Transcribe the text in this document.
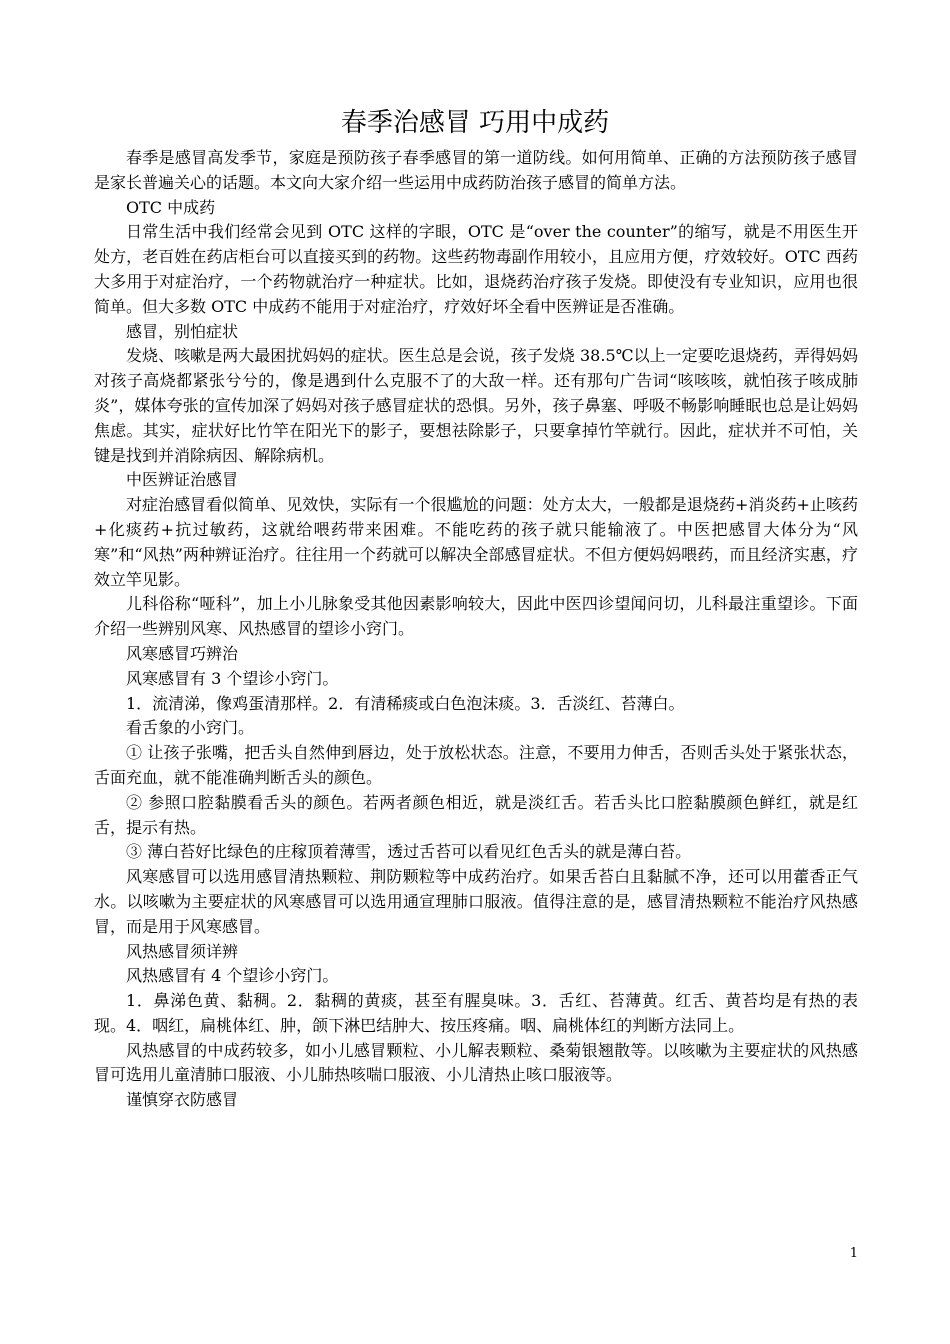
春季治感冒 巧用中成药

春季是感冒高发季节，家庭是预防孩子春季感冒的第一道防线。如何用简单、正确的方法预防孩子感冒是家长普遍关心的话题。本文向大家介绍一些运用中成药防治孩子感冒的简单方法。

OTC 中成药

日常生活中我们经常会见到 OTC 这样的字眼，OTC 是“over the counter”的缩写，就是不用医生开处方，老百姓在药店柜台可以直接买到的药物。这些药物毒副作用较小，且应用方便，疗效较好。OTC 西药大多用于对症治疗，一个药物就治疗一种症状。比如，退烧药治疗孩子发烧。即使没有专业知识，应用也很简单。但大多数 OTC 中成药不能用于对症治疗，疗效好坏全看中医辨证是否准确。

感冒，别怕症状

发烧、咳嗽是两大最困扰妈妈的症状。医生总是会说，孩子发烧 38.5℃以上一定要吃退烧药，弄得妈妈对孩子高烧都紧张兮兮的，像是遇到什么克服不了的大敌一样。还有那句广告词“咳咳咳，就怕孩子咳成肺炎”，媒体夸张的宣传加深了妈妈对孩子感冒症状的恐惧。另外，孩子鼻塞、呼吸不畅影响睡眠也总是让妈妈焦虑。其实，症状好比竹竿在阳光下的影子，要想祛除影子，只要拿掉竹竿就行。因此，症状并不可怕，关键是找到并消除病因、解除病机。

中医辨证治感冒

对症治感冒看似简单、见效快，实际有一个很尴尬的问题：处方太大，一般都是退烧药+消炎药+止咳药+化痰药+抗过敏药，这就给喂药带来困难。不能吃药的孩子就只能输液了。中医把感冒大体分为“风寒”和“风热”两种辨证治疗。往往用一个药就可以解决全部感冒症状。不但方便妈妈喂药，而且经济实惠，疗效立竿见影。

儿科俗称“哑科”，加上小儿脉象受其他因素影响较大，因此中医四诊望闻问切，儿科最注重望诊。下面介绍一些辨别风寒、风热感冒的望诊小窍门。

风寒感冒巧辨治

风寒感冒有 3 个望诊小窍门。

1．流清涕，像鸡蛋清那样。2．有清稀痰或白色泡沫痰。3．舌淡红、苔薄白。

看舌象的小窍门。

① 让孩子张嘴，把舌头自然伸到唇边，处于放松状态。注意，不要用力伸舌，否则舌头处于紧张状态，舌面充血，就不能准确判断舌头的颜色。

② 参照口腔黏膜看舌头的颜色。若两者颜色相近，就是淡红舌。若舌头比口腔黏膜颜色鲜红，就是红舌，提示有热。

③ 薄白苔好比绿色的庄稼顶着薄雪，透过舌苔可以看见红色舌头的就是薄白苔。

风寒感冒可以选用感冒清热颗粒、荆防颗粒等中成药治疗。如果舌苔白且黏腻不净，还可以用藿香正气水。以咳嗽为主要症状的风寒感冒可以选用通宣理肺口服液。值得注意的是，感冒清热颗粒不能治疗风热感冒，而是用于风寒感冒。

风热感冒须详辨

风热感冒有 4 个望诊小窍门。

1．鼻涕色黄、黏稠。2．黏稠的黄痰，甚至有腥臭味。3．舌红、苔薄黄。红舌、黄苔均是有热的表现。4．咽红，扁桃体红、肿，颌下淋巴结肿大、按压疼痛。咽、扁桃体红的判断方法同上。

风热感冒的中成药较多，如小儿感冒颗粒、小儿解表颗粒、桑菊银翘散等。以咳嗽为主要症状的风热感冒可选用儿童清肺口服液、小儿肺热咳喘口服液、小儿清热止咳口服液等。

谨慎穿衣防感冒

1
